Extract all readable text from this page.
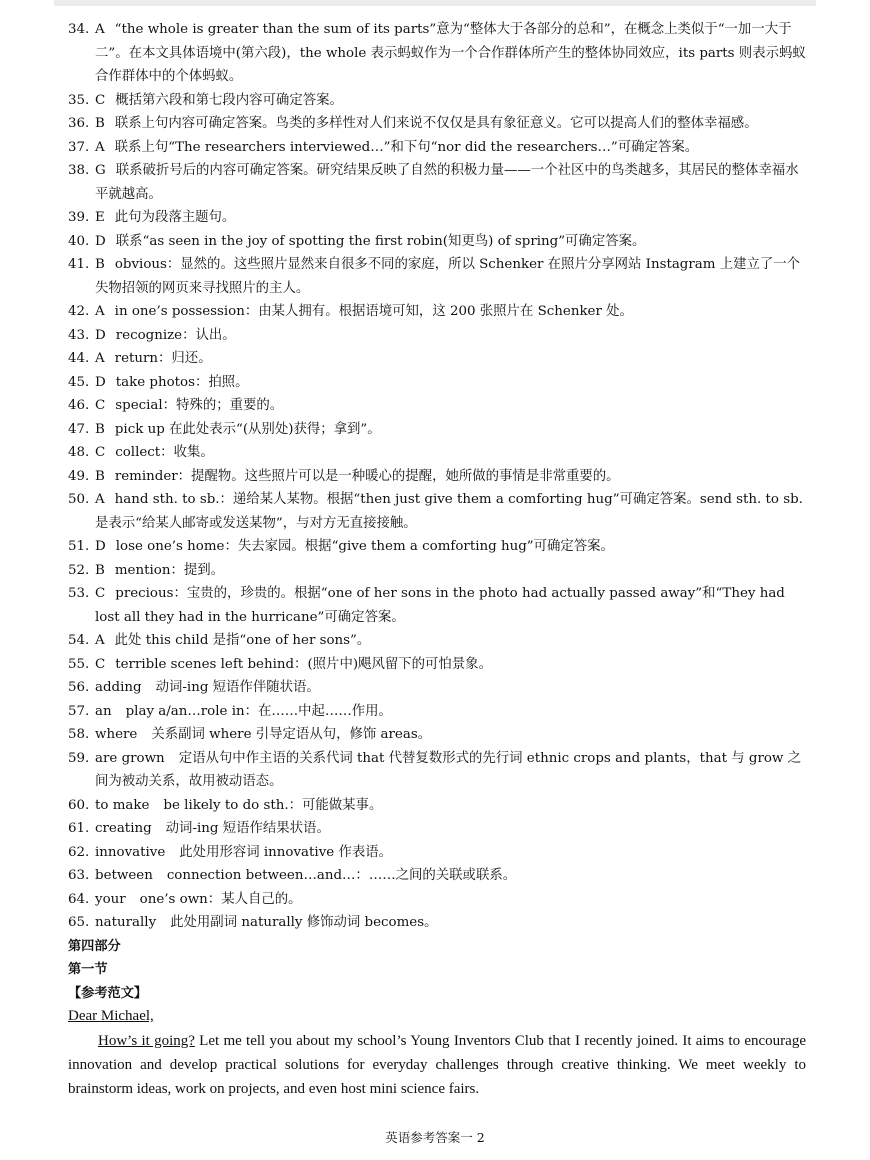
34. A “the whole is greater than the sum of its parts”意为“整体大于各部分的总和”，在概念上类似于“一加一大于二”。在本文具体语境中(第六段)，the whole 表示蚂蚁作为一个合作群体所产生的整体协同效应，its parts 则表示蚂蚁合作群体中的个体蚂蚁。
35. C 概括第六段和第七段内容可确定答案。
36. B 联系上句内容可确定答案。鸟类的多样性对人们来说不仅仅是具有象征意义。它可以提高人们的整体幸福感。
37. A 联系上句“The researchers interviewed…”和下句“nor did the researchers…”可确定答案。
38. G 联系破折号后的内容可确定答案。研究结果反映了自然的积极力量——一个社区中的鸟类越多，其居民的整体幸福水平就越高。
39. E 此句为段落主题句。
40. D 联系“as seen in the joy of spotting the first robin(知更鸟) of spring”可确定答案。
41. B obvious：显然的。这些照片显然来自很多不同的家庭，所以 Schenker 在照片分享网站 Instagram 上建立了一个失物招领的网页来寻找照片的主人。
42. A in one’s possession：由某人拥有。根据语境可知，这 200 张照片在 Schenker 处。
43. D recognize：认出。
44. A return：归还。
45. D take photos：拍照。
46. C special：特殊的；重要的。
47. B pick up 在此处表示“(从别处)获得；拿到”。
48. C collect：收集。
49. B reminder：提醒物。这些照片可以是一种暖心的提醒，她所做的事情是非常重要的。
50. A hand sth. to sb.：递给某人某物。根据“then just give them a comforting hug”可确定答案。send sth. to sb. 是表示“给某人邮寄或发送某物”，与对方无直接接触。
51. D lose one’s home：失去家园。根据“give them a comforting hug”可确定答案。
52. B mention：提到。
53. C precious：宝贵的，珍贵的。根据“one of her sons in the photo had actually passed away”和“They had lost all they had in the hurricane”可确定答案。
54. A 此处 this child 是指“one of her sons”。
55. C terrible scenes left behind：(照片中)飓风留下的可怕景象。
56. adding 动词-ing 短语作伴随状语。
57. an play a/an…role in：在……中起……作用。
58. where 关系副词 where 引导定语从句，修饰 areas。
59. are grown 定语从句中作主语的关系代词 that 代替复数形式的先行词 ethnic crops and plants，that 与 grow 之间为被动关系，故用被动语态。
60. to make be likely to do sth.：可能做某事。
61. creating 动词-ing 短语作结果状语。
62. innovative 此处用形容词 innovative 作表语。
63. between connection between…and…：……之间的关联或联系。
64. your one’s own：某人自己的。
65. naturally 此处用副词 naturally 修饰动词 becomes。
第四部分
第一节
【参考范文】
Dear Michael,
How’s it going? Let me tell you about my school’s Young Inventors Club that I recently joined. It aims to encourage innovation and develop practical solutions for everyday challenges through creative thinking. We meet weekly to brainstorm ideas, work on projects, and even host mini science fairs.
英语参考答案一 2
